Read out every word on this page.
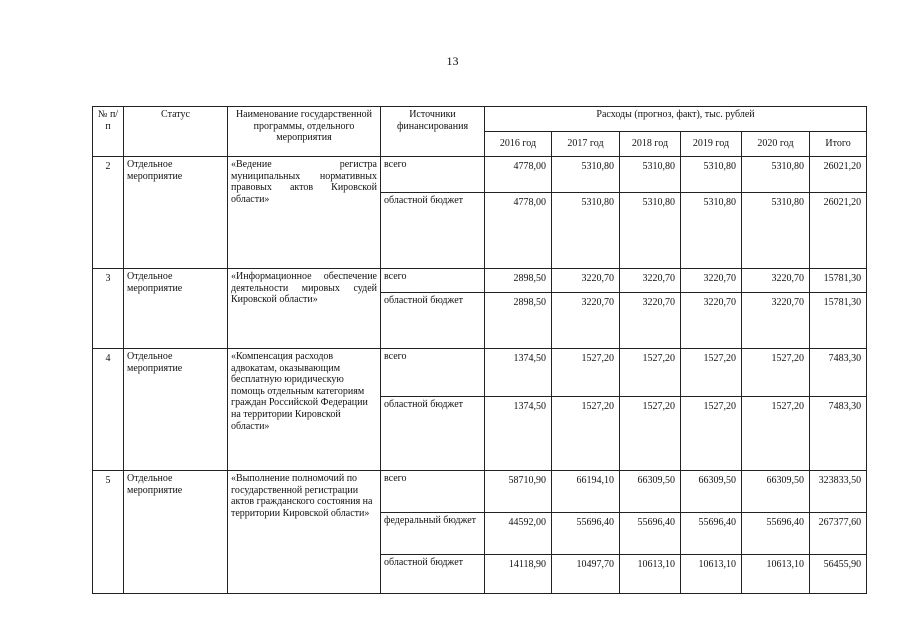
13
№ п/п	Статус	Наименование государственной программы, отдельного мероприятия	Источники финансирования	Расходы (прогноз, факт), тыс. рублей					
				2016 год	2017 год	2018 год	2019 год	2020 год	Итого
2	Отдельное мероприятие	«Ведение регистра муниципальных нормативных правовых актов Кировской области»	всего	4778,00	5310,80	5310,80	5310,80	5310,80	26021,20
			областной бюджет	4778,00	5310,80	5310,80	5310,80	5310,80	26021,20
3	Отдельное мероприятие	«Информационное обеспечение деятельности мировых судей Кировской области»	всего	2898,50	3220,70	3220,70	3220,70	3220,70	15781,30
			областной бюджет	2898,50	3220,70	3220,70	3220,70	3220,70	15781,30
4	Отдельное мероприятие	«Компенсация расходов адвокатам, оказывающим бесплатную юридическую помощь отдельным категориям граждан Российской Федерации на территории Кировской области»	всего	1374,50	1527,20	1527,20	1527,20	1527,20	7483,30
			областной бюджет	1374,50	1527,20	1527,20	1527,20	1527,20	7483,30
5	Отдельное мероприятие	«Выполнение полномочий по государственной регистрации актов гражданского состояния на территории Кировской области»	всего	58710,90	66194,10	66309,50	66309,50	66309,50	323833,50
			федеральный бюджет	44592,00	55696,40	55696,40	55696,40	55696,40	267377,60
			областной бюджет	14118,90	10497,70	10613,10	10613,10	10613,10	56455,90
